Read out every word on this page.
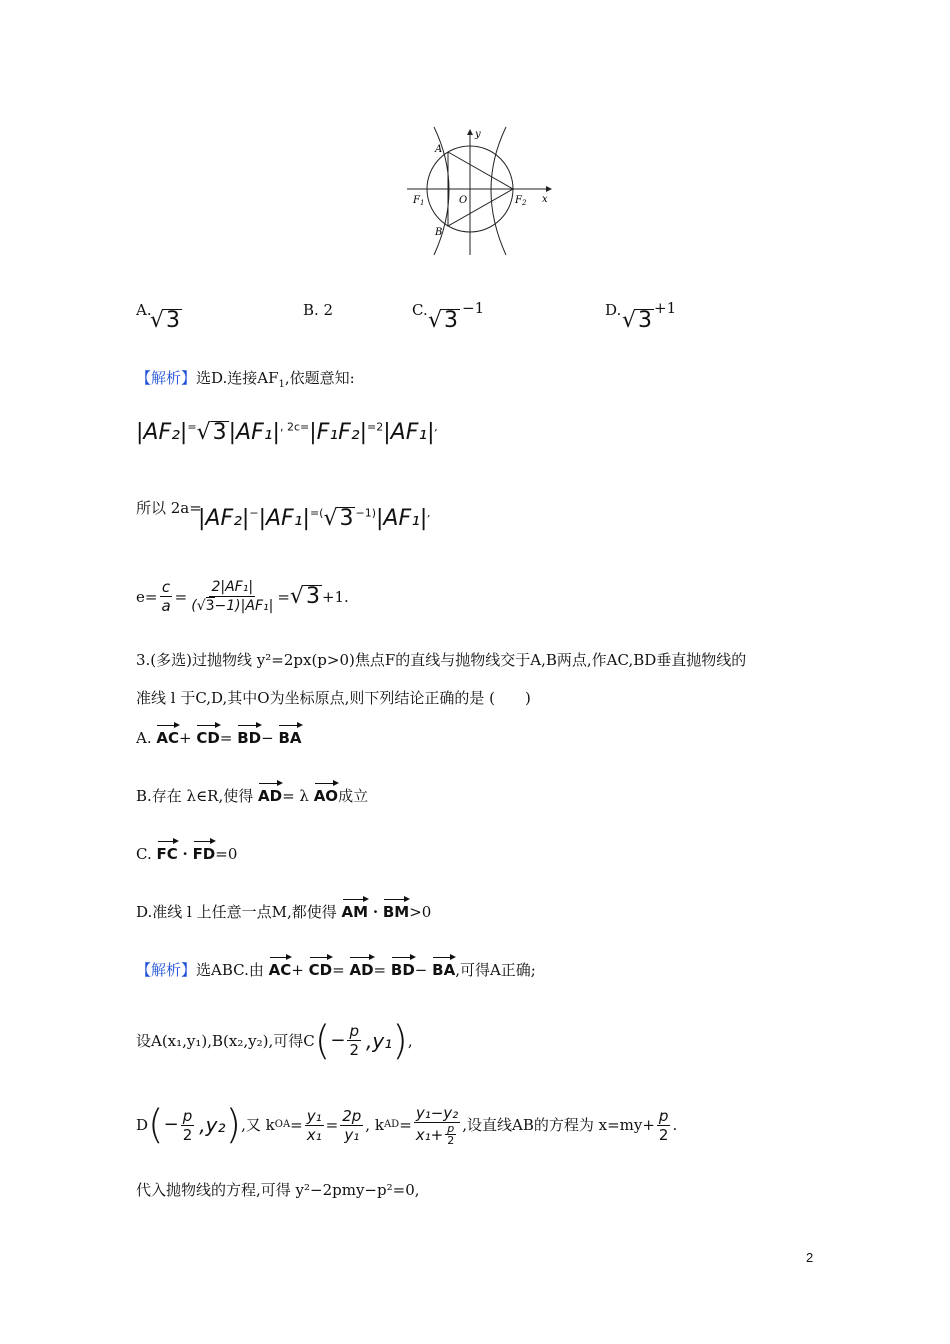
y
x
A
B
O
$F_1$	$F_2$
A.
√3	B. 2	C. √3 −1	D. √3 +1
【解析】选D.连接$AF_1$,依题意知:
$|AF_2|^=√3|AF_1|^{, 2c=}|F_1F_2|^{=2}|AF_1|^,$
所以 2a=
|AF₂|−|AF₁|=(√3 $^{-1)}$|AF₁|,
$e= \frac{c}{a} = \frac{\text{2|AF₁|}}{\text{(√3−1)|AF₁|}} = √3 +1$.
3.(多选)过抛物线 y²=2px(p>0)焦点F的直线与抛物线交于A,B两点,作AC,BD垂直抛物线的
准线 l 于C,D,其中O为坐标原点,则下列结论正确的是 (　　)
A. AC+ CD= BD− BA
B.存在 λ∈R,使得 AD= λ AO成立
C. FC · FD=0
D.准线 l 上任意一点M,都使得 AM · BM>0
【解析】选ABC.由 AC+ CD= AD= BD− BA,可得A正确;
设A(x₁,y₁),B(x₂,y₂),可得C ( − $\frac{p}{2}$ , y₁ ) ,
D ( − $\frac{p}{2}$ , y₂ ) ,又 k OA = $\frac{\text{y₁}}{\text{x₁}} = \frac{2p}{\text{y₁}}$ , k AD = $\frac{\text{y₁−y₂}}{x_1+ \frac{p}{2}}$ ,设直线AB的方程为 $x=my+ \frac{p}{2}$ .
代入抛物线的方程,可得 y²−2pmy−p²=0,
2
